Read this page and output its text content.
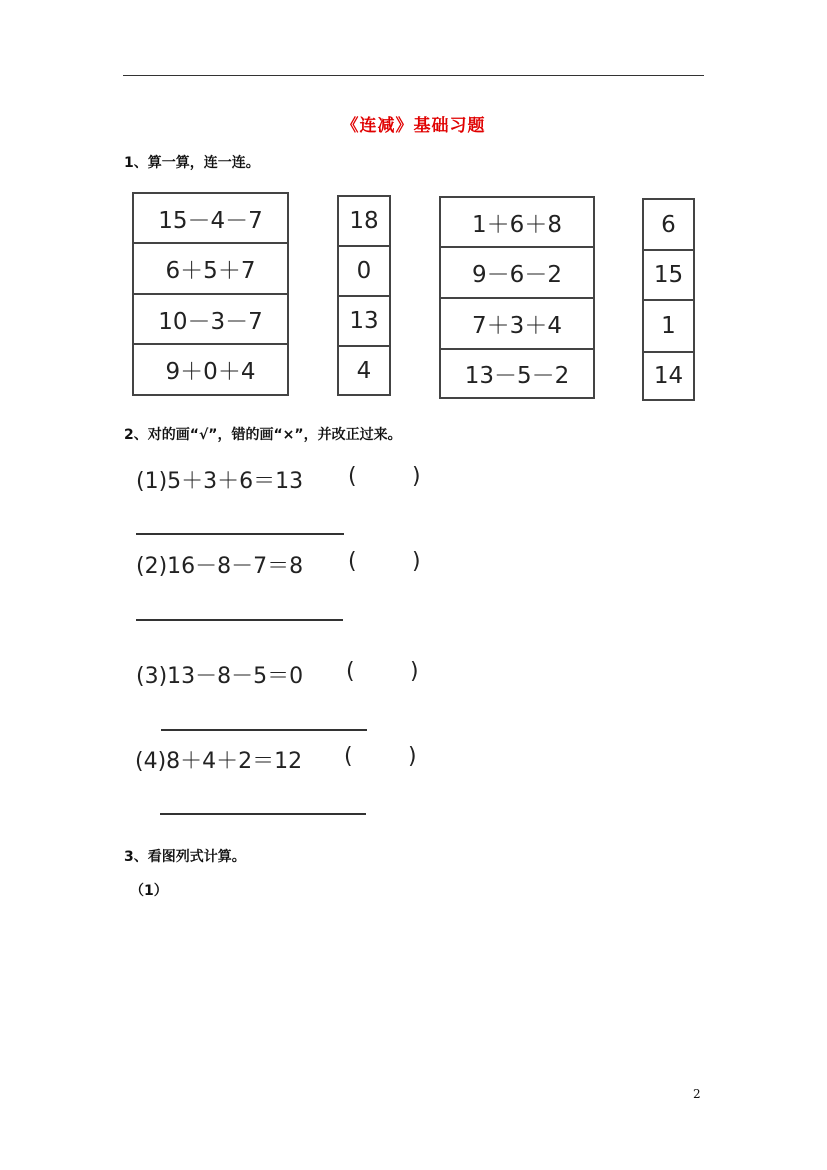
《连减》基础习题
1、算一算，连一连。
15－4－7
6＋5＋7
10－3－7
9＋0＋4
18
0
13
4
1＋6＋8
9－6－2
7＋3＋4
13－5－2
6
15
1
14
2、对的画“√”，错的画“×”，并改正过来。
(1)5＋3＋6＝13 (	)
(2)16－8－7＝8 (	)
(3)13－8－5＝0 (	)
(4)8＋4＋2＝12 (	)
3、看图列式计算。
（1）
2
